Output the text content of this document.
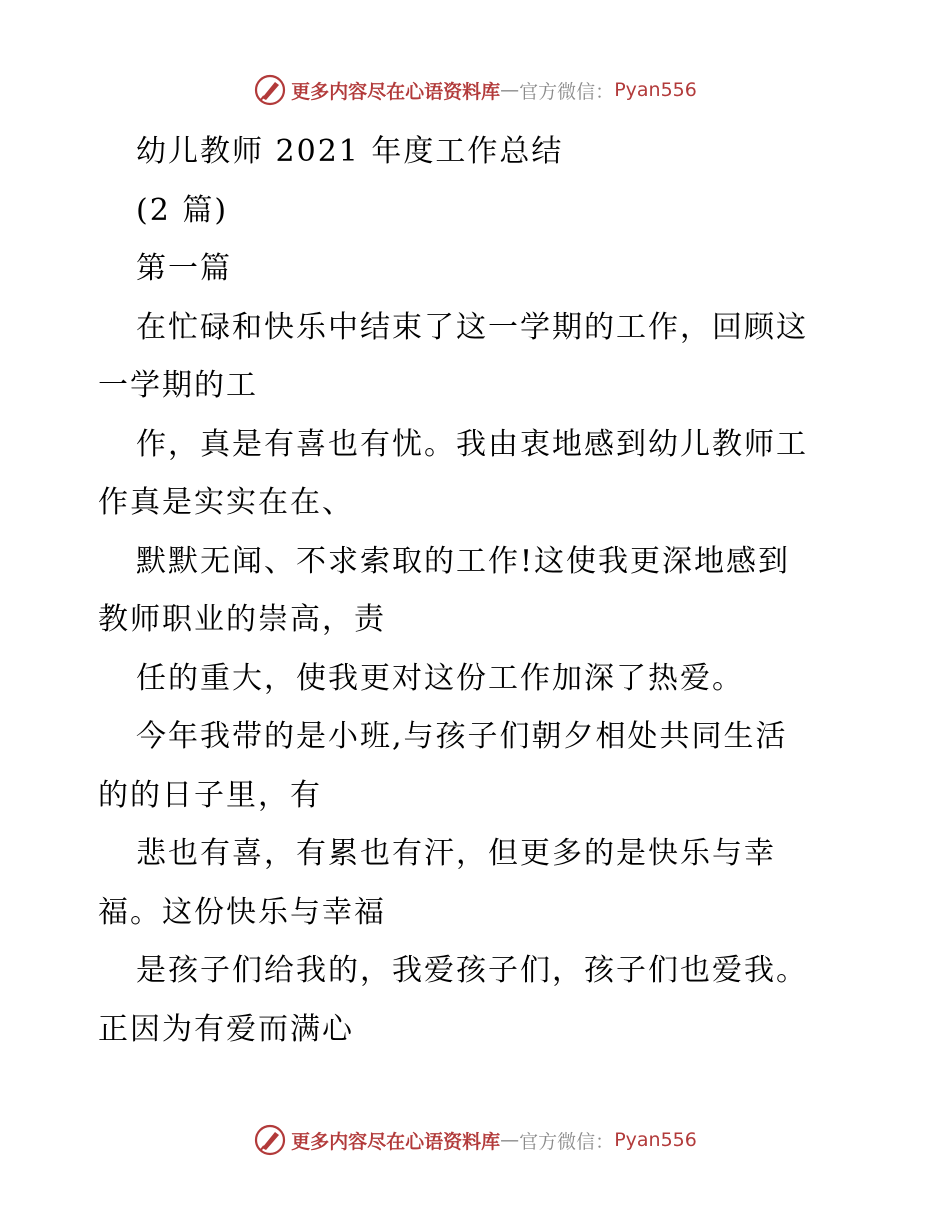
更多内容尽在心语资料库 — 官方微信： Pyan556
幼儿教师 2021 年度工作总结
(2 篇)
第一篇
在忙碌和快乐中结束了这一学期的工作，回顾这
一学期的工
作，真是有喜也有忧。我由衷地感到幼儿教师工
作真是实实在在、
默默无闻、不求索取的工作!这使我更深地感到
教师职业的崇高，责
任的重大，使我更对这份工作加深了热爱。
今年我带的是小班,与孩子们朝夕相处共同生活
的的日子里，有
悲也有喜，有累也有汗，但更多的是快乐与幸
福。这份快乐与幸福
是孩子们给我的，我爱孩子们，孩子们也爱我。
正因为有爱而满心
更多内容尽在心语资料库 — 官方微信： Pyan556
